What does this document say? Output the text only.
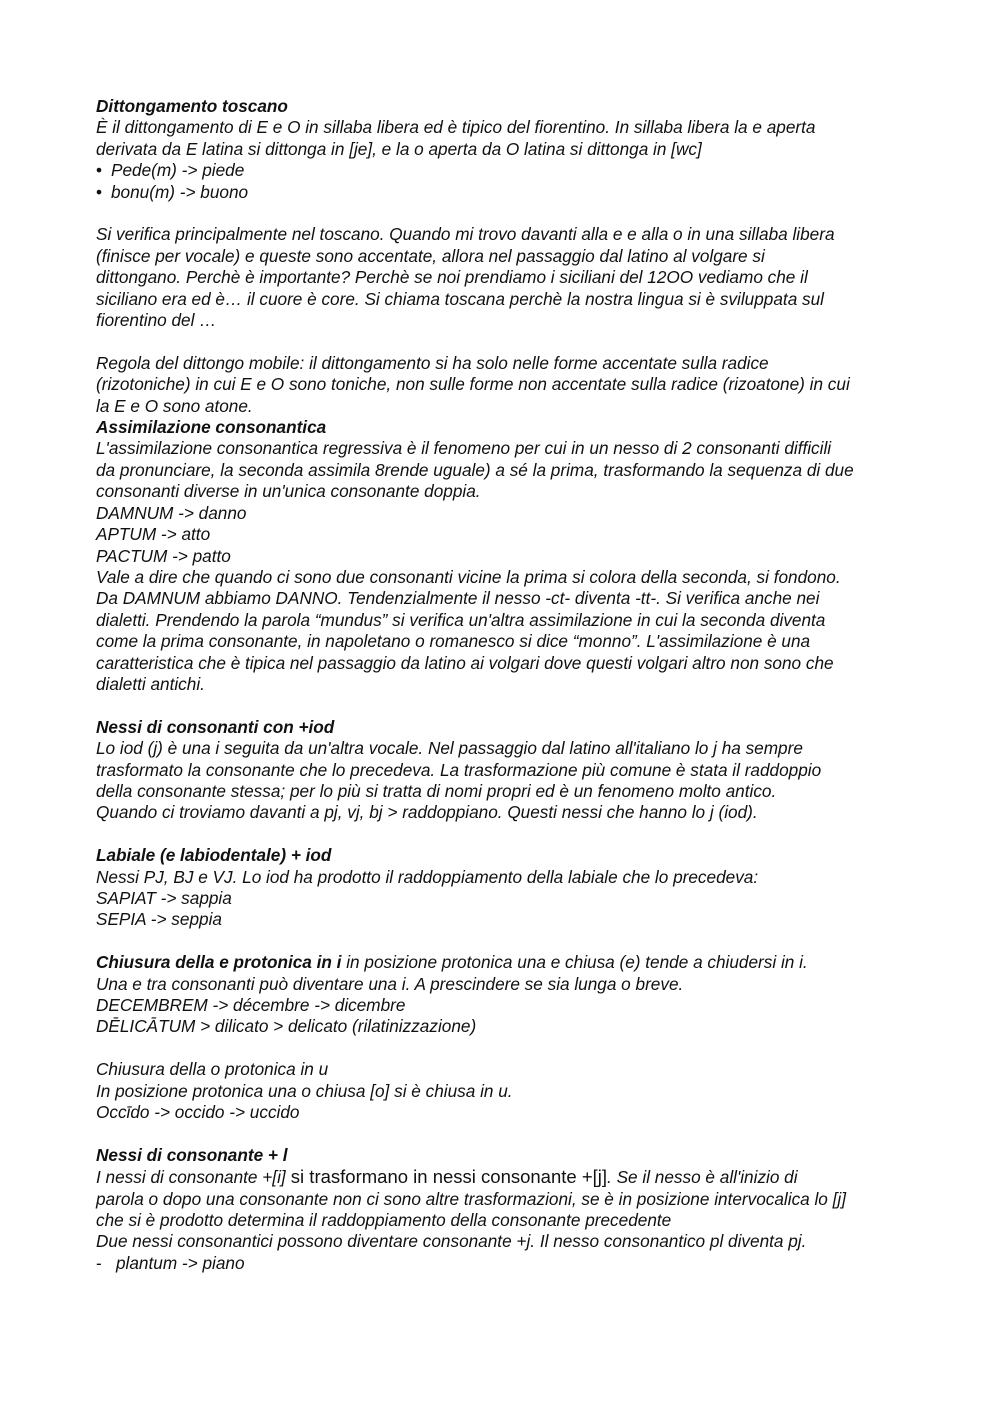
Dittongamento toscano
È il dittongamento di E e O in sillaba libera ed è tipico del fiorentino. In sillaba libera la e aperta
derivata da E latina si dittonga in [je], e la o aperta da O latina si dittonga in [wc]
• Pede(m) -> piede
• bonu(m) -> buono
Si verifica principalmente nel toscano. Quando mi trovo davanti alla e e alla o in una sillaba libera
(finisce per vocale) e queste sono accentate, allora nel passaggio dal latino al volgare si
dittongano. Perchè è importante? Perchè se noi prendiamo i siciliani del 12OO vediamo che il
siciliano era ed è… il cuore è core. Si chiama toscana perchè la nostra lingua si è sviluppata sul
fiorentino del …
Regola del dittongo mobile: il dittongamento si ha solo nelle forme accentate sulla radice
(rizotoniche) in cui E e O sono toniche, non sulle forme non accentate sulla radice (rizoatone) in cui
la E e O sono atone.
Assimilazione consonantica
L'assimilazione consonantica regressiva è il fenomeno per cui in un nesso di 2 consonanti difficili
da pronunciare, la seconda assimila 8rende uguale) a sé la prima, trasformando la sequenza di due
consonanti diverse in un'unica consonante doppia.
DAMNUM -> danno
APTUM -> atto
PACTUM -> patto
Vale a dire che quando ci sono due consonanti vicine la prima si colora della seconda, si fondono.
Da DAMNUM abbiamo DANNO. Tendenzialmente il nesso -ct- diventa -tt-. Si verifica anche nei
dialetti. Prendendo la parola “mundus” si verifica un'altra assimilazione in cui la seconda diventa
come la prima consonante, in napoletano o romanesco si dice “monno”. L'assimilazione è una
caratteristica che è tipica nel passaggio da latino ai volgari dove questi volgari altro non sono che
dialetti antichi.
Nessi di consonanti con +iod
Lo iod (j) è una i seguita da un'altra vocale. Nel passaggio dal latino all'italiano lo j ha sempre
trasformato la consonante che lo precedeva. La trasformazione più comune è stata il raddoppio
della consonante stessa; per lo più si tratta di nomi propri ed è un fenomeno molto antico.
Quando ci troviamo davanti a pj, vj, bj > raddoppiano. Questi nessi che hanno lo j (iod).
Labiale (e labiodentale) + iod
Nessi PJ, BJ e VJ. Lo iod ha prodotto il raddoppiamento della labiale che lo precedeva:
SAPIAT -> sappia
SEPIA -> seppia
Chiusura della e protonica in i in posizione protonica una e chiusa (e) tende a chiudersi in i.
Una e tra consonanti può diventare una i. A prescindere se sia lunga o breve.
DECEMBREM -> décembre -> dicembre
DĒLICĀTUM > dilicato > delicato (rilatinizzazione)
Chiusura della o protonica in u
In posizione protonica una o chiusa [o] si è chiusa in u.
Occīdo -> occido -> uccido
Nessi di consonante + l
I nessi di consonante +[i] si trasformano in nessi consonante +[j]. Se il nesso è all'inizio di
parola o dopo una consonante non ci sono altre trasformazioni, se è in posizione intervocalica lo [j]
che si è prodotto determina il raddoppiamento della consonante precedente
Due nessi consonantici possono diventare consonante +j. Il nesso consonantico pl diventa pj.
- plantum -> piano
